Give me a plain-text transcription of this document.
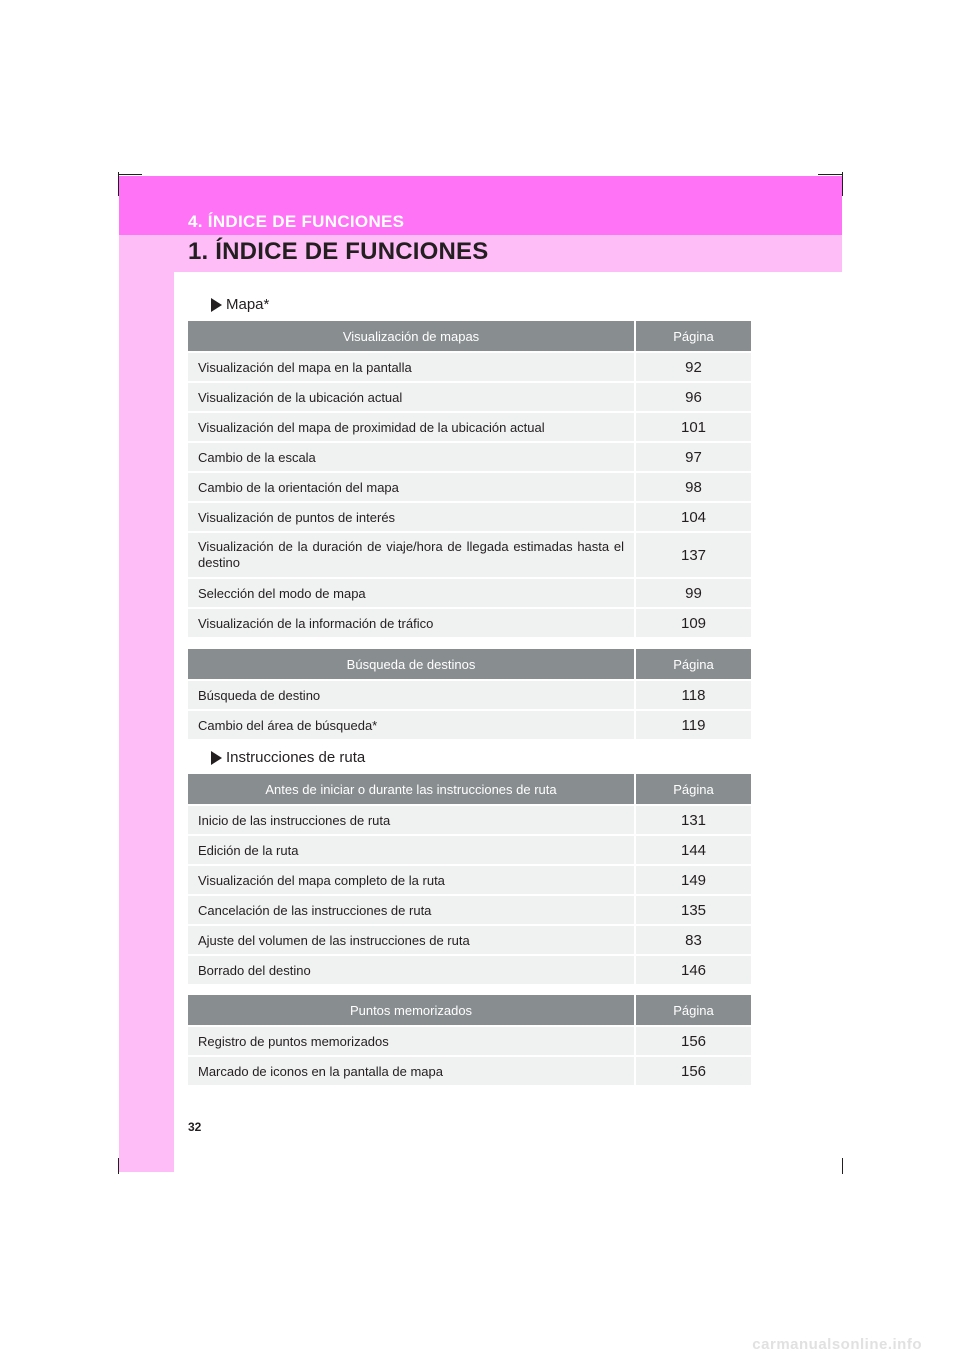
4. ÍNDICE DE FUNCIONES
1. ÍNDICE DE FUNCIONES
Mapa*
Visualización de mapas	Página
Visualización del mapa en la pantalla	92
Visualización de la ubicación actual	96
Visualización del mapa de proximidad de la ubicación actual	101
Cambio de la escala	97
Cambio de la orientación del mapa	98
Visualización de puntos de interés	104
Visualización de la duración de viaje/hora de llegada estimadas hasta el destino	137
Selección del modo de mapa	99
Visualización de la información de tráfico	109
Búsqueda de destinos	Página
Búsqueda de destino	118
Cambio del área de búsqueda*	119
Instrucciones de ruta
Antes de iniciar o durante las instrucciones de ruta	Página
Inicio de las instrucciones de ruta	131
Edición de la ruta	144
Visualización del mapa completo de la ruta	149
Cancelación de las instrucciones de ruta	135
Ajuste del volumen de las instrucciones de ruta	83
Borrado del destino	146
Puntos memorizados	Página
Registro de puntos memorizados	156
Marcado de iconos en la pantalla de mapa	156
32
carmanualsonline.info
